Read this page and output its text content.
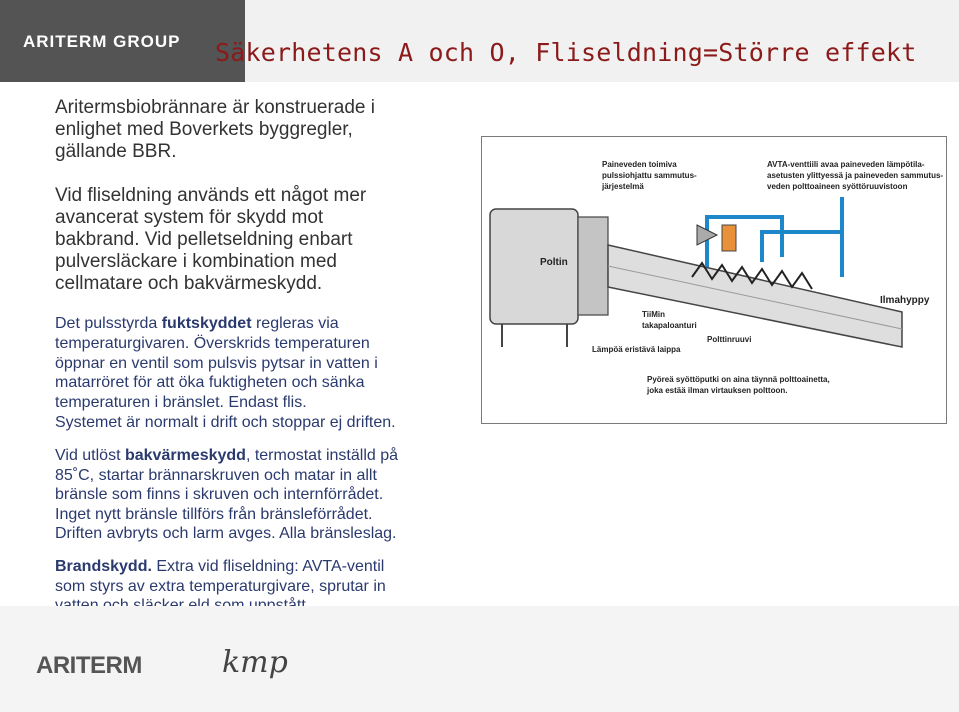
ARITERM GROUP Säkerhetens A och O, Fliseldning=Större effekt
Aritermsbiobrännare är konstruerade i
enlighet med Boverkets byggregler,
gällande BBR.
Vid fliseldning används ett något mer
avancerat system för skydd mot
bakbrand. Vid pelletseldning enbart
pulversläckare i kombination med
cellmatare och bakvärmeskydd.
Det pulsstyrda fuktskyddet regleras via
temperaturgivaren. Överskrids temperaturen
öppnar en ventil som pulsvis pytsar in vatten i
matarröret för att öka fuktigheten och sänka
temperaturen i bränslet. Endast flis.
Systemet är normalt i drift och stoppar ej driften.
Vid utlöst bakvärmeskydd, termostat inställd på
85˚C, startar brännarskruven och matar in allt
bränsle som finns i skruven och internförrådet.
Inget nytt bränsle tillförs från bränsleförrådet.
Driften avbryts och larm avges. Alla bränsleslag.
Brandskydd. Extra vid fliseldning: AVTA-ventil
som styrs av extra temperaturgivare, sprutar in
Paineveden toimiva
pulssiohjattu sammutus-
järjestelmä
AVTA-venttiili avaa paineveden lämpötila-
asetusten ylittyessä ja paineveden sammutus-
veden polttoaineen syöttöruuvistoon
Poltin
Ilmahyppy
TiiMin
takapaloanturi
Lämpöä eristävä laippa
Polttinruuvi
Pyöreä syöttöputki on aina täynnä polttoainetta,
joka estää ilman virtauksen polttoon.
ARITERM	kmp
